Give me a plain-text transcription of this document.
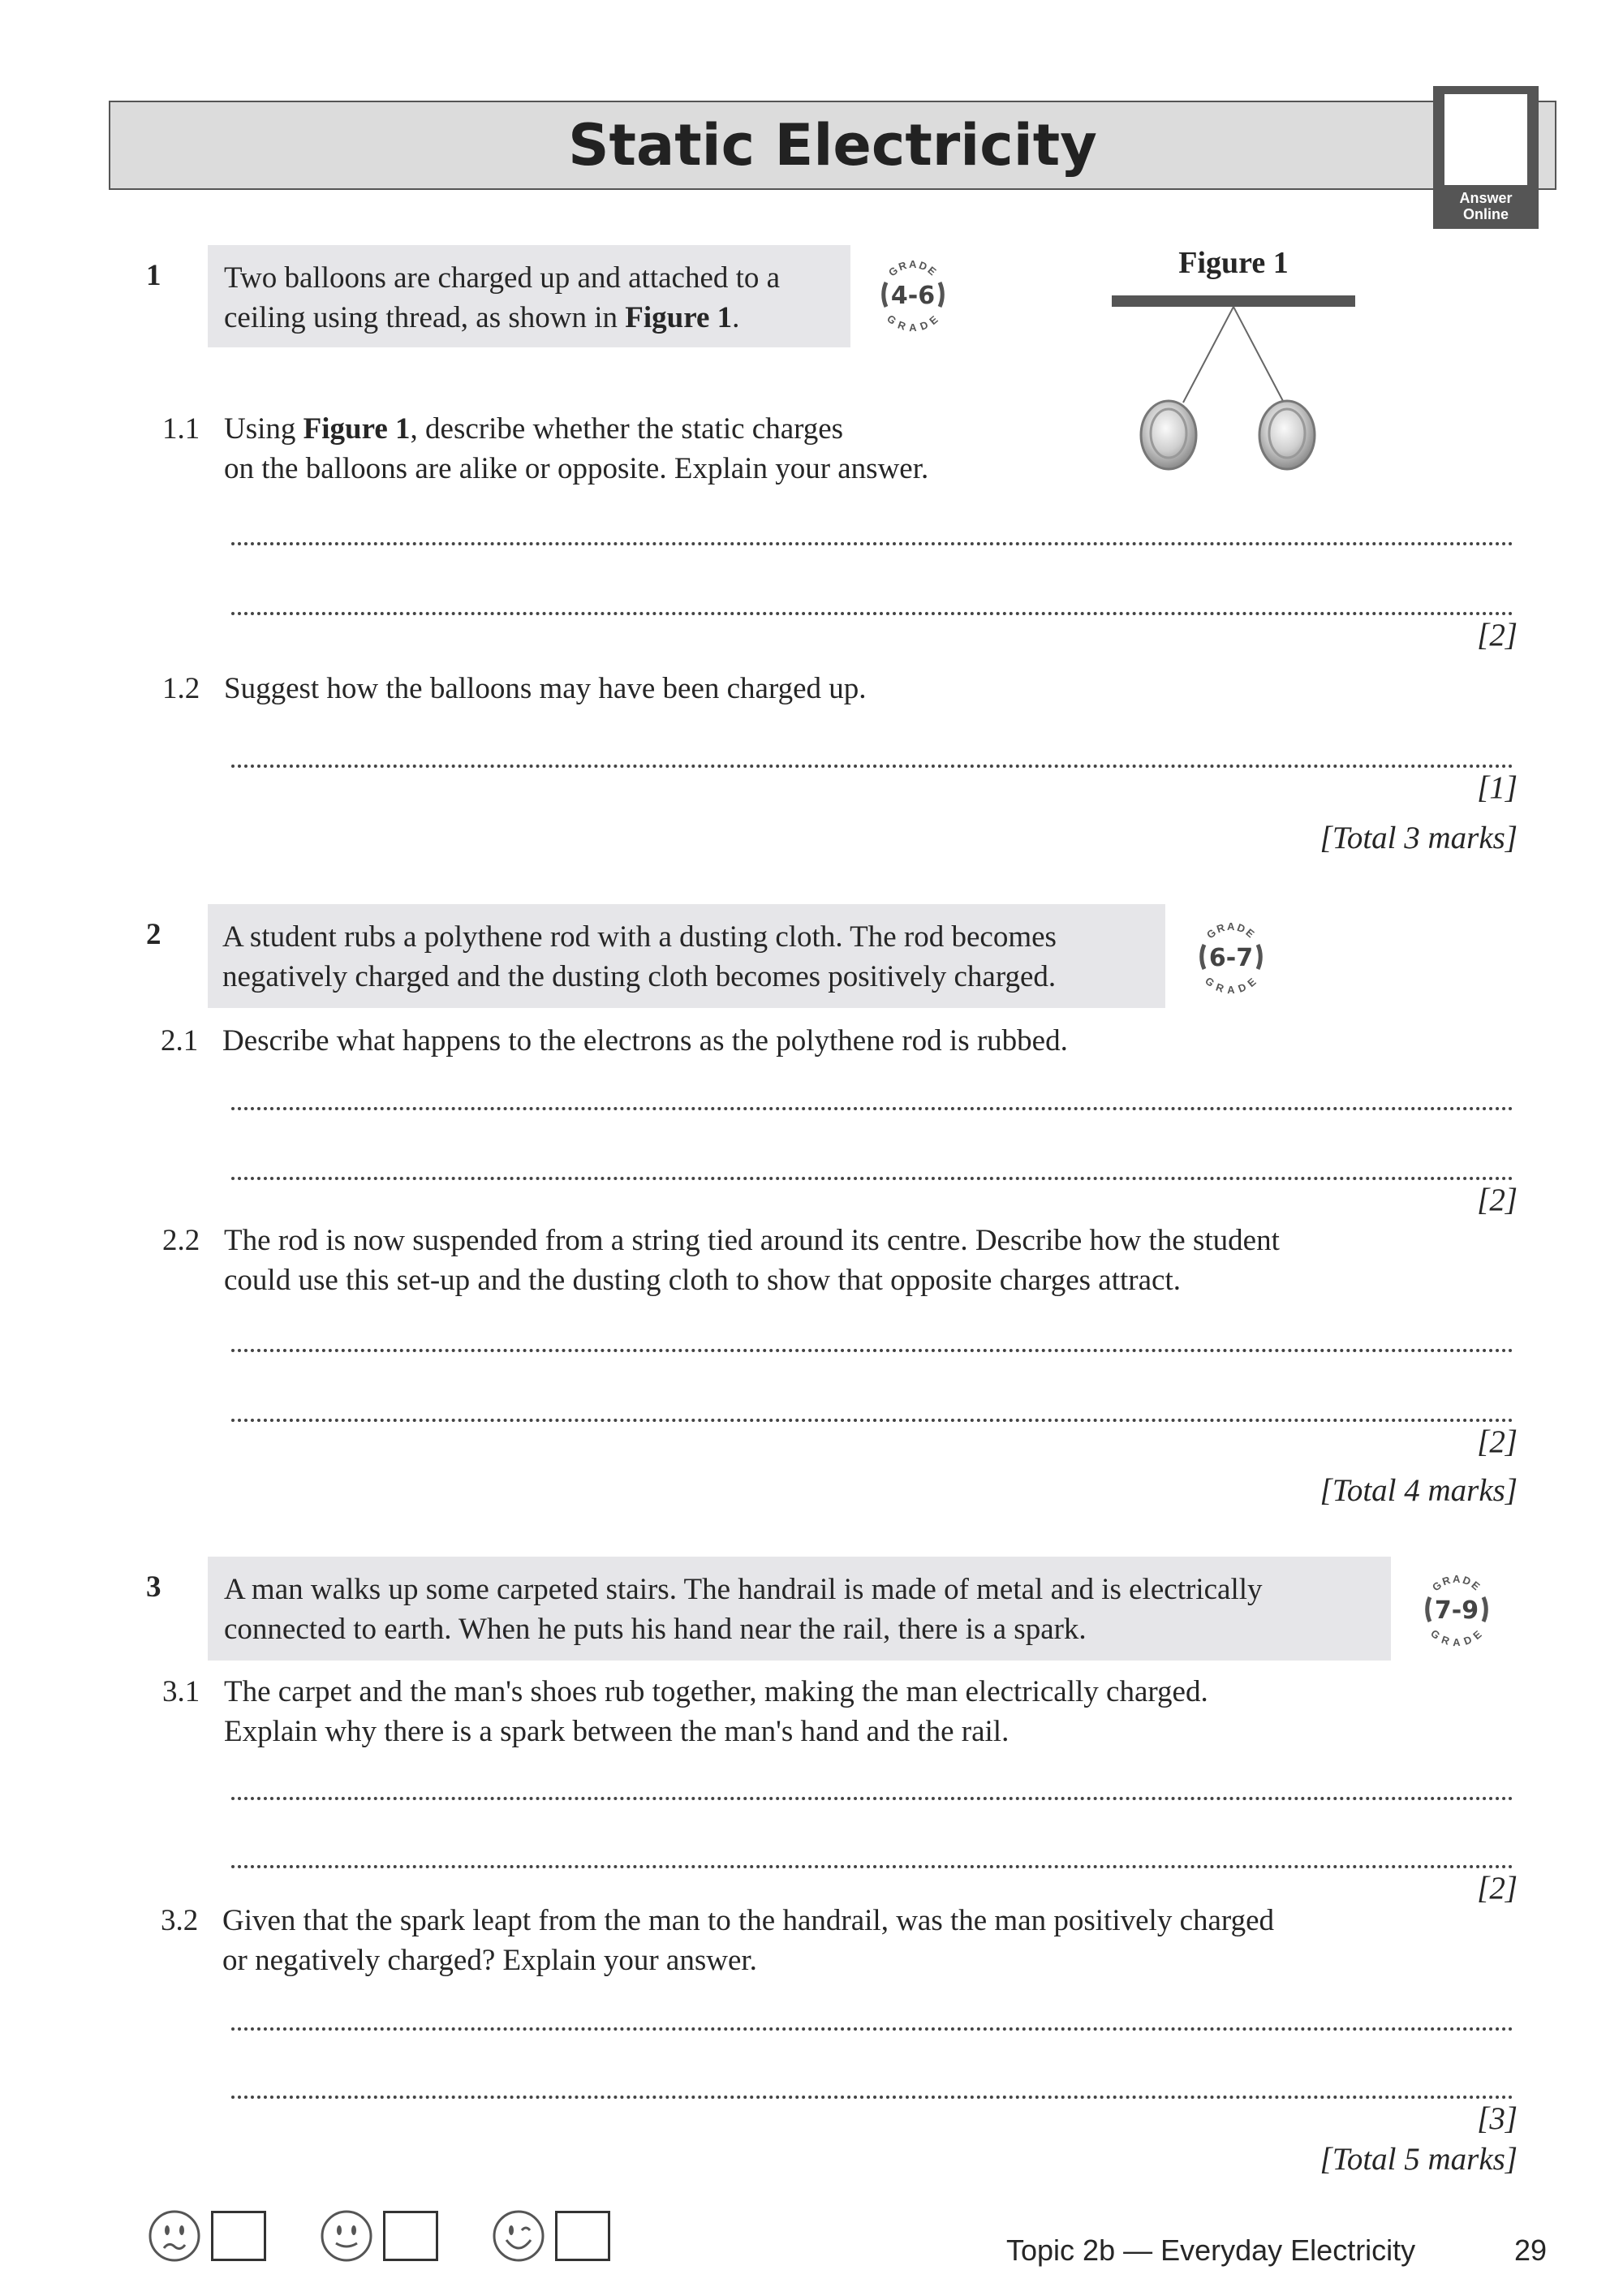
Static Electricity
Answer
Online
1 Two balloons are charged up and attached to a
ceiling using thread, as shown in Figure 1.
GRADE
GRADE
4-6
Figure 1
1.1 Using Figure 1, describe whether the static charges
on the balloons are alike or opposite. Explain your answer.
[2]
1.2 Suggest how the balloons may have been charged up.
[1]
[Total 3 marks]
2 A student rubs a polythene rod with a dusting cloth. The rod becomes
negatively charged and the dusting cloth becomes positively charged.
GRADE
GRADE
6-7
2.1 Describe what happens to the electrons as the polythene rod is rubbed.
[2]
2.2 The rod is now suspended from a string tied around its centre. Describe how the student
could use this set-up and the dusting cloth to show that opposite charges attract.
[2]
[Total 4 marks]
3 A man walks up some carpeted stairs. The handrail is made of metal and is electrically
connected to earth. When he puts his hand near the rail, there is a spark.
GRADE
GRADE
7-9
3.1 The carpet and the man's shoes rub together, making the man electrically charged.
Explain why there is a spark between the man's hand and the rail.
[2]
3.2 Given that the spark leapt from the man to the handrail, was the man positively charged
or negatively charged? Explain your answer.
[3]
[Total 5 marks]
Topic 2b — Everyday Electricity	29
